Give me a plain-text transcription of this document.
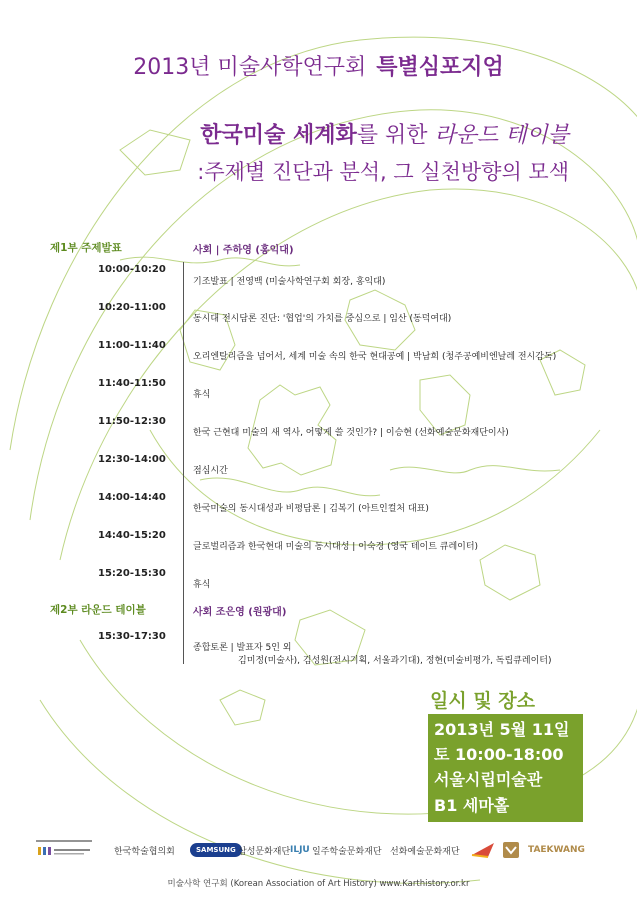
2013년 미술사학연구회 특별심포지엄
한국미술 세계화를 위한 라운드 테이블
:주제별 진단과 분석, 그 실천방향의 모색
제1부 주제발표	사회 | 주하영 (홍익대)
10:00-10:20
기조발표 | 전영백 (미술사학연구회 회장, 홍익대)
10:20-11:00
동시대 전시담론 진단: '협업'의 가치를 중심으로 | 임산 (동덕여대)
11:00-11:40
오리엔탈리즘을 넘어서, 세계 미술 속의 한국 현대공예 | 박남희 (청주공예비엔날레 전시감독)
11:40-11:50
휴식
11:50-12:30
한국 근현대 미술의 새 역사, 어떻게 쓸 것인가? | 이승현 (선화예술문화재단이사)
12:30-14:00
점심시간
14:00-14:40
한국미술의 동시대성과 비평담론 | 김복기 (아트인컬처 대표)
14:40-15:20
글로벌리즘과 한국현대 미술의 동시대성 | 이숙경 (영국 테이트 큐레이터)
15:20-15:30
휴식
제2부 라운드 테이블	사회 조은영 (원광대)
15:30-17:30
종합토론 | 발표자 5인 외
김미정(미술사), 김성원(전시기획, 서울과기대), 정현(미술비평가, 독립큐레이터)
일시 및 장소
2013년 5월 11일
토 10:00-18:00
서울시립미술관
B1 세마홀
한국학술협의회	SAMSUNG 삼성문화재단 ILJU 일주학술문화재단 선화예술문화재단	TAEKWANG
미술사학 연구회 (Korean Association of Art History) www.Karthistory.or.kr
